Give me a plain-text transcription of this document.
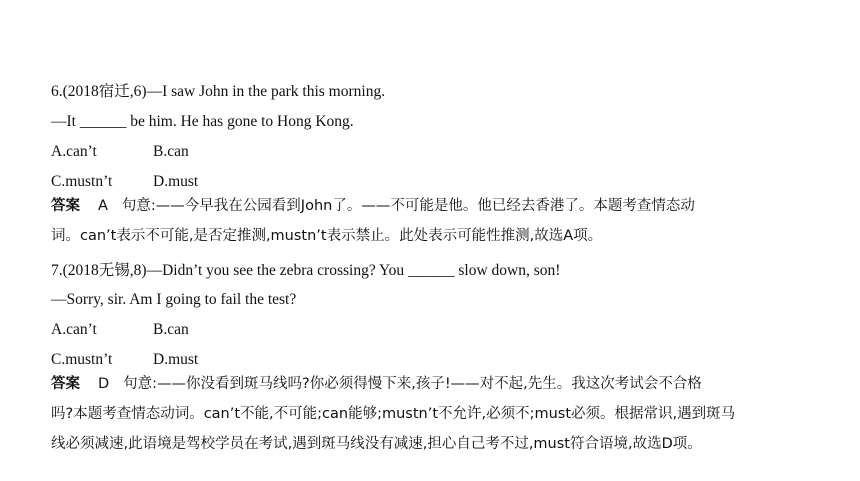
6.(2018宿迁,6)—I saw John in the park this morning.
—It ______ be him. He has gone to Hong Kong.
A.can’t	B.can
C.mustn’t	D.must
答案 A 句意:——今早我在公园看到John了。——不可能是他。他已经去香港了。本题考查情态动
词。can’t表示不可能,是否定推测,mustn’t表示禁止。此处表示可能性推测,故选A项。
7.(2018无锡,8)—Didn’t you see the zebra crossing? You ______ slow down, son!
—Sorry, sir. Am I going to fail the test?
A.can’t	B.can
C.mustn’t	D.must
答案 D 句意:——你没看到斑马线吗?你必须得慢下来,孩子!——对不起,先生。我这次考试会不合格
吗?本题考查情态动词。can’t不能,不可能;can能够;mustn’t不允许,必须不;must必须。根据常识,遇到斑马
线必须减速,此语境是驾校学员在考试,遇到斑马线没有减速,担心自己考不过,must符合语境,故选D项。
